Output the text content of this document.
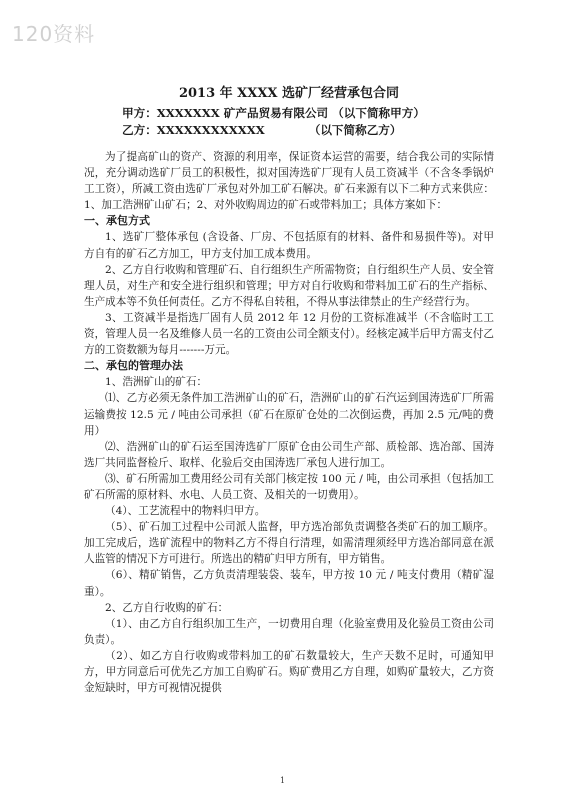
120资料
2013 年 XXXX 选矿厂经营承包合同
甲方：XXXXXXX 矿产品贸易有限公司 （以下简称甲方）
乙方：XXXXXXXXXXXX	（以下简称乙方）

为了提高矿山的资产、资源的利用率，保证资本运营的需要，结合我公司的实际情况，充分调动选矿厂员工的积极性，拟对国涛选矿厂现有人员工资减半（不含冬季锅炉工工资），所减工资由选矿厂承包对外加工矿石解决。矿石来源有以下二种方式来供应：1、加工浩洲矿山矿石；2、对外收购周边的矿石或带料加工；具体方案如下：

一、承包方式

1、选矿厂整体承包 (含设备、厂房、不包括原有的材料、备件和易损件等)。对甲方自有的矿石乙方加工，甲方支付加工成本费用。

2、乙方自行收购和管理矿石、自行组织生产所需物资；自行组织生产人员、安全管理人员，对生产和安全进行组织和管理；甲方对自行收购和带料加工矿石的生产指标、生产成本等不负任何责任。乙方不得私自转租，不得从事法律禁止的生产经营行为。

3、工资减半是指选厂固有人员 2012 年 12 月份的工资标准减半（不含临时工工资，管理人员一名及维修人员一名的工资由公司全额支付）。经核定减半后甲方需支付乙方的工资数额为每月-------万元。

二、承包的管理办法

1、浩洲矿山的矿石：

⑴、乙方必须无条件加工浩洲矿山的矿石，浩洲矿山的矿石汽运到国涛选矿厂所需运输费按 12.5 元 / 吨由公司承担（矿石在原矿仓处的二次倒运费，再加 2.5 元/吨的费用）

⑵、浩洲矿山的矿石运至国涛选矿厂原矿仓由公司生产部、质检部、选冶部、国涛选厂共同监督检斤、取样、化验后交由国涛选厂承包人进行加工。

⑶、矿石所需加工费用经公司有关部门核定按 100 元 / 吨，由公司承担（包括加工矿石所需的原材料、水电、人员工资、及相关的一切费用）。

（4）、工艺流程中的物料归甲方。

（5）、矿石加工过程中公司派人监督，甲方选冶部负责调整各类矿石的加工顺序。加工完成后，选矿流程中的物料乙方不得自行清理，如需清理须经甲方选冶部同意在派人监管的情况下方可进行。所选出的精矿归甲方所有，甲方销售。

（6）、精矿销售，乙方负责清理装袋、装车，甲方按 10 元 / 吨支付费用（精矿湿重）。

2、乙方自行收购的矿石：

（1）、由乙方自行组织加工生产，一切费用自理（化验室费用及化验员工资由公司负责）。

（2）、如乙方自行收购或带料加工的矿石数量较大，生产天数不足时，可通知甲方，甲方同意后可优先乙方加工自购矿石。购矿费用乙方自理，如购矿量较大，乙方资金短缺时，甲方可视情况提供

1
